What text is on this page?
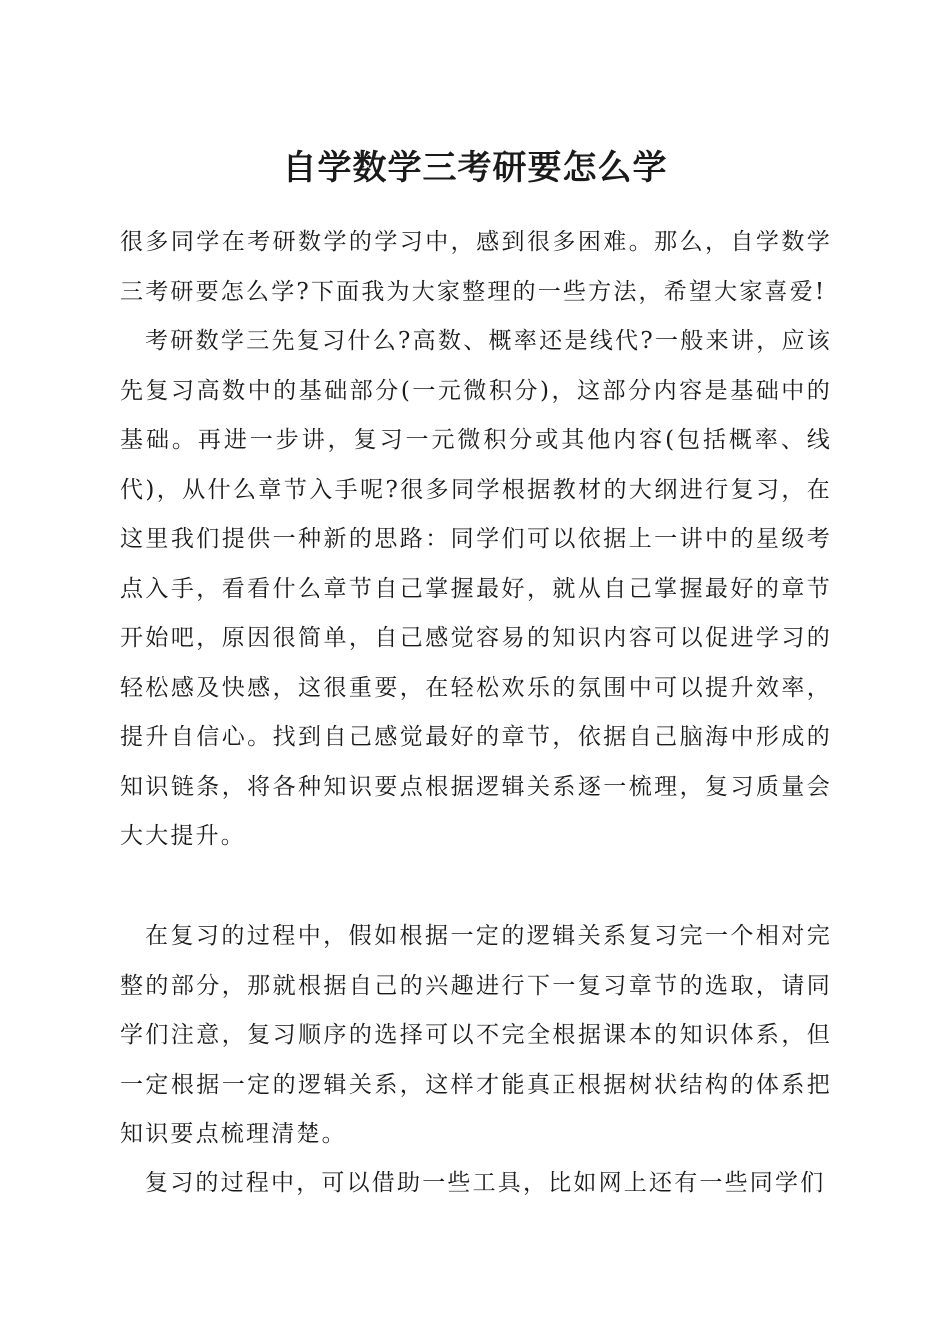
自学数学三考研要怎么学

很多同学在考研数学的学习中，感到很多困难。那么，自学数学三考研要怎么学?下面我为大家整理的一些方法，希望大家喜爱!

考研数学三先复习什么?高数、概率还是线代?一般来讲，应该先复习高数中的基础部分(一元微积分)，这部分内容是基础中的基础。再进一步讲，复习一元微积分或其他内容(包括概率、线代)，从什么章节入手呢?很多同学根据教材的大纲进行复习，在这里我们提供一种新的思路：同学们可以依据上一讲中的星级考点入手，看看什么章节自己掌握最好，就从自己掌握最好的章节开始吧，原因很简单，自己感觉容易的知识内容可以促进学习的轻松感及快感，这很重要，在轻松欢乐的氛围中可以提升效率，提升自信心。找到自己感觉最好的章节，依据自己脑海中形成的知识链条，将各种知识要点根据逻辑关系逐一梳理，复习质量会大大提升。

在复习的过程中，假如根据一定的逻辑关系复习完一个相对完整的部分，那就根据自己的兴趣进行下一复习章节的选取，请同学们注意，复习顺序的选择可以不完全根据课本的知识体系，但一定根据一定的逻辑关系，这样才能真正根据树状结构的体系把知识要点梳理清楚。

复习的过程中，可以借助一些工具，比如网上还有一些同学们
